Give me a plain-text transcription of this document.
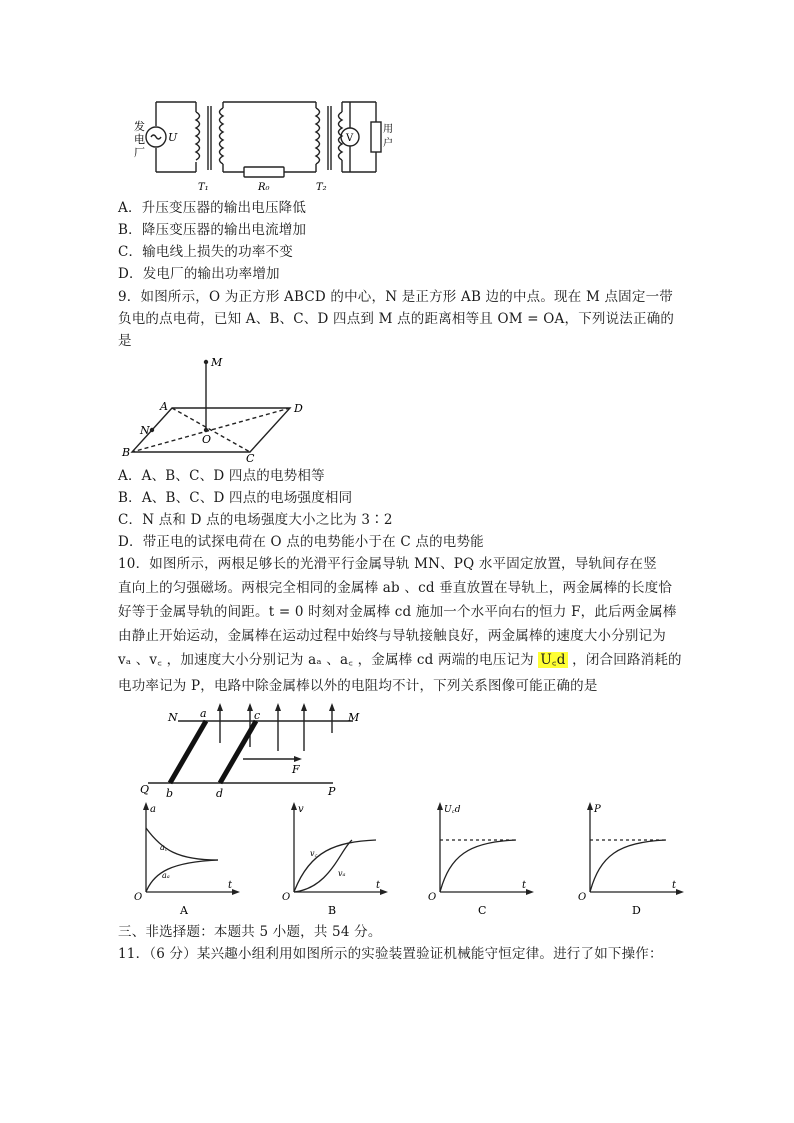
发
电
厂
U
T₁	R₀	T₂
V
用
户
A．升压变压器的输出电压降低
B．降压变压器的输出电流增加
C．输电线上损失的功率不变
D．发电厂的输出功率增加
9．如图所示，O 为正方形 ABCD 的中心，N 是正方形 AB 边的中点。现在 M 点固定一带
负电的点电荷，已知 A、B、C、D 四点到 M 点的距离相等且 OM = OA，下列说法正确的
是
M
A	D
N
O
B	C
A．A、B、C、D 四点的电势相等
B．A、B、C、D 四点的电场强度相同
C．N 点和 D 点的电场强度大小之比为 3∶2
D．带正电的试探电荷在 O 点的电势能小于在 C 点的电势能
10．如图所示，两根足够长的光滑平行金属导轨 MN、PQ 水平固定放置，导轨间存在竖
直向上的匀强磁场。两根完全相同的金属棒 ab 、cd 垂直放置在导轨上，两金属棒的长度恰
好等于金属导轨的间距。t = 0 时刻对金属棒 cd 施加一个水平向右的恒力 F，此后两金属棒
由静止开始运动，金属棒在运动过程中始终与导轨接触良好，两金属棒的速度大小分别记为
vₐ 、v꜀ ，加速度大小分别记为 aₐ 、a꜀ ，金属棒 cd 两端的电压记为 U꜀d ，闭合回路消耗的
电功率记为 P，电路中除金属棒以外的电阻均不计，下列关系图像可能正确的是
N a	c	M
F
Q b	d	P
a
t
O
a꜀
aₐ
A
v
t
O
v꜀
vₐ
B
U꜀d
t
O
C
P
t
O
D
三、非选择题：本题共 5 小题，共 54 分。
11．（6 分）某兴趣小组利用如图所示的实验装置验证机械能守恒定律。进行了如下操作：
